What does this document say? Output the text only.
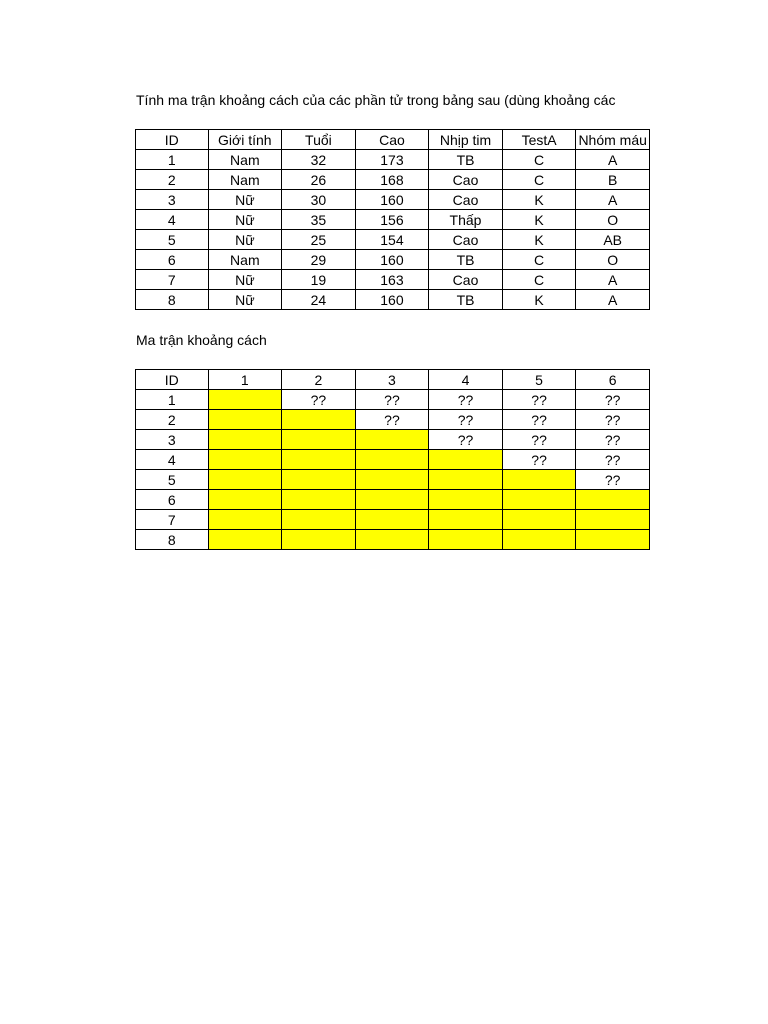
Tính ma trận khoảng cách của các phần tử trong bảng sau (dùng khoảng các
ID	Giới tính	Tuổi	Cao	Nhịp tim	TestA	Nhóm máu
1	Nam	32	173	TB	C	A
2	Nam	26	168	Cao	C	B
3	Nữ	30	160	Cao	K	A
4	Nữ	35	156	Thấp	K	O
5	Nữ	25	154	Cao	K	AB
6	Nam	29	160	TB	C	O
7	Nữ	19	163	Cao	C	A
8	Nữ	24	160	TB	K	A
Ma trận khoảng cách
ID	1	2	3	4	5	6
1		??	??	??	??	??
2			??	??	??	??
3				??	??	??
4					??	??
5						??
6						
7						
8						
